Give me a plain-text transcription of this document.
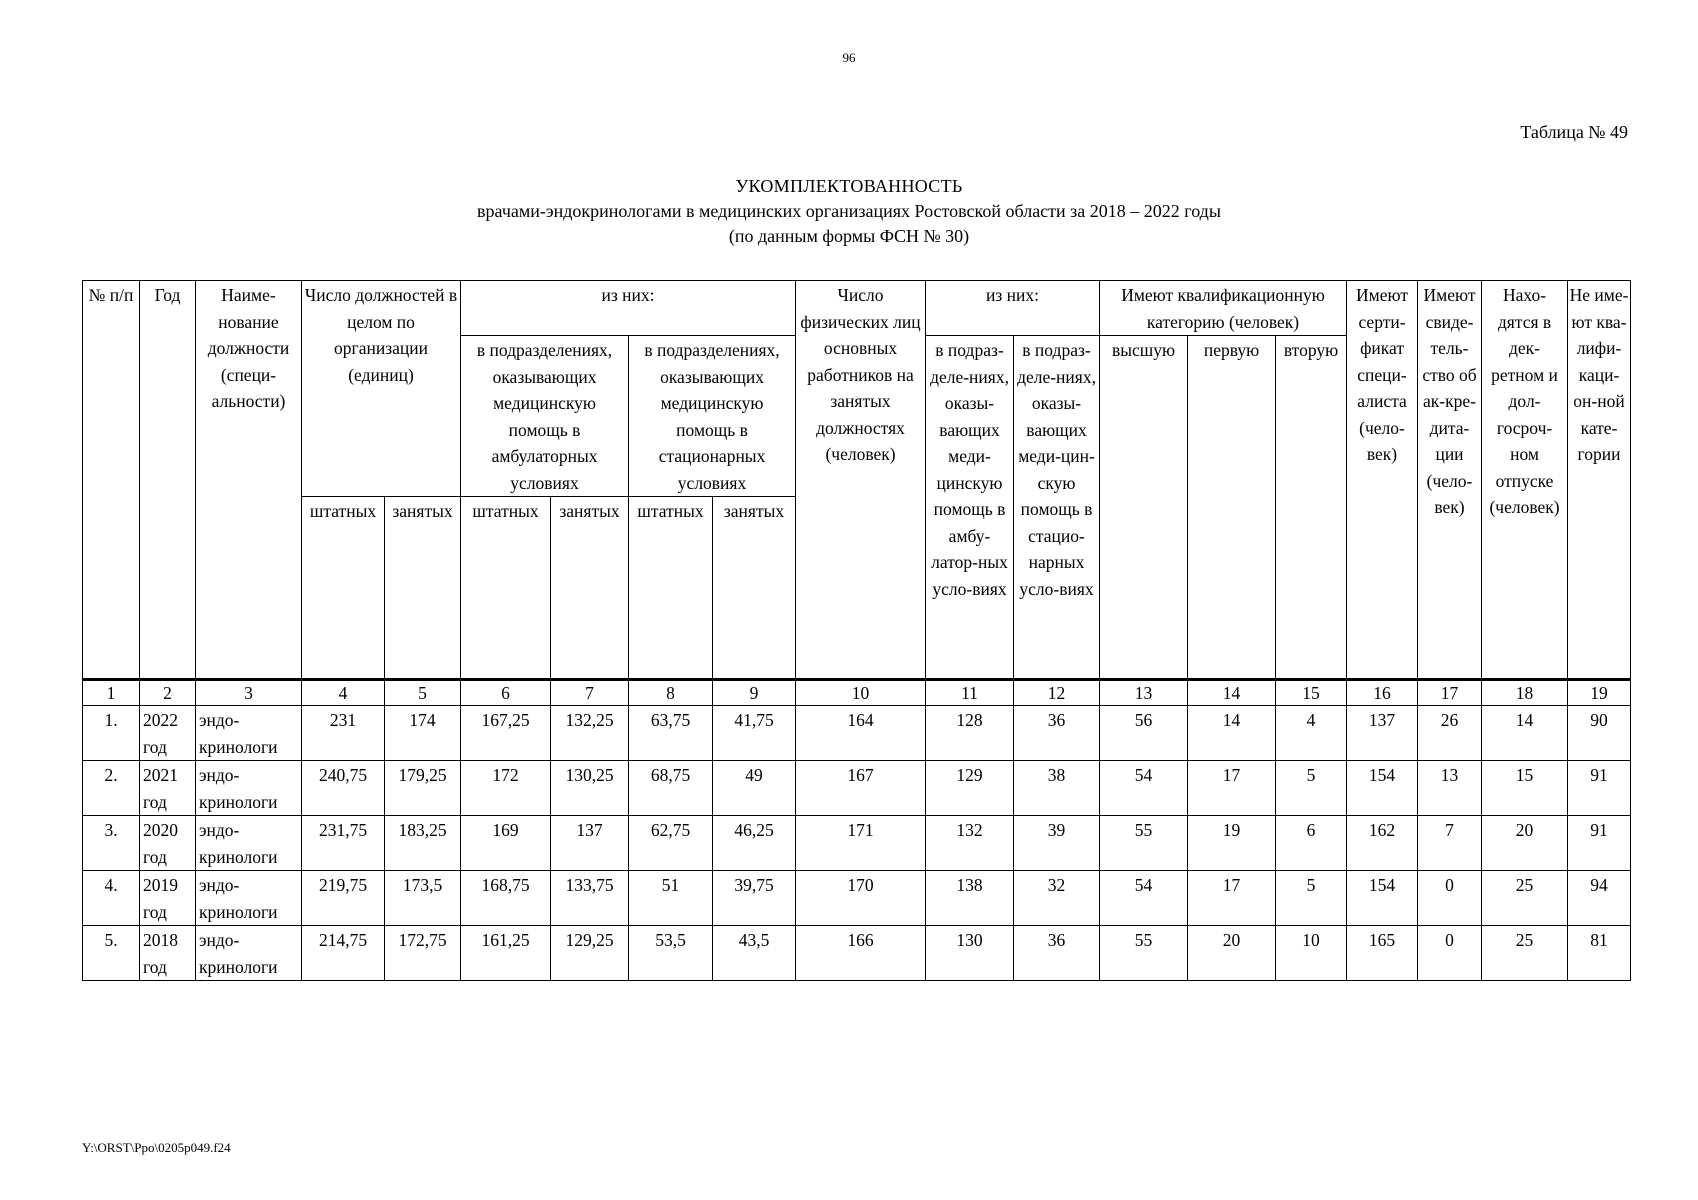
96
Таблица № 49
УКОМПЛЕКТОВАННОСТЬ
врачами-эндокринологами в медицинских организациях Ростовской области за 2018 – 2022 годы
(по данным формы ФСН № 30)
№ п/п	Год	Наиме-нование должности (специ-альности)	Число должностей в целом по организации (единиц)		из них:				Число физических лиц основных работников на занятых должностях (человек)	из них:		Имеют квалификационную категорию (человек)			Имеют серти-фикат специ-алиста (чело-век)	Имеют свиде-тель-ство об ак-кре-дита-ции (чело-век)	Нахо-дятся в дек-ретном и дол-госроч-ном отпуске (человек)	Не име-ют ква-лифи-каци-он-ной кате-гории
					в подразделениях, оказывающих медицинскую помощь в амбулаторных условиях		в подразделениях, оказывающих медицинскую помощь в стационарных условиях			в подраз-деле-ниях, оказы-вающих меди-цинскую помощь в амбу-латор-ных усло-виях	в подраз-деле-ниях, оказы-вающих меди-цин-скую помощь в стацио-нарных усло-виях	высшую	первую	вторую				
			штатных	занятых	штатных	занятых	штатных	занятых										
1	2	3	4	5	6	7	8	9	10	11	12	13	14	15	16	17	18	19
1.	2022 год	эндо-кринологи	231	174	167,25	132,25	63,75	41,75	164	128	36	56	14	4	137	26	14	90
2.	2021 год	эндо-кринологи	240,75	179,25	172	130,25	68,75	49	167	129	38	54	17	5	154	13	15	91
3.	2020 год	эндо-кринологи	231,75	183,25	169	137	62,75	46,25	171	132	39	55	19	6	162	7	20	91
4.	2019 год	эндо-кринологи	219,75	173,5	168,75	133,75	51	39,75	170	138	32	54	17	5	154	0	25	94
5.	2018 год	эндо-кринологи	214,75	172,75	161,25	129,25	53,5	43,5	166	130	36	55	20	10	165	0	25	81
Y:\ORST\Ppo\0205p049.f24
